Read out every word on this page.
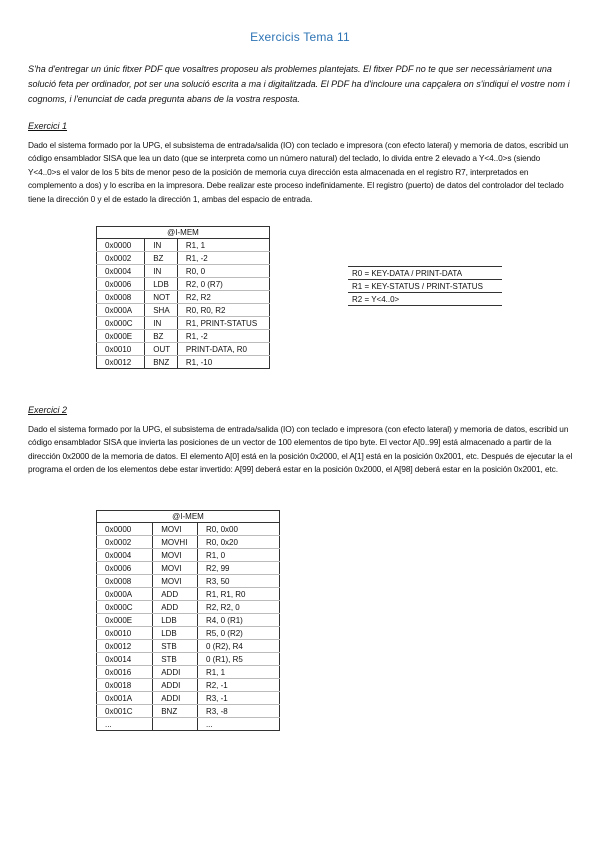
Exercicis Tema 11
S'ha d'entregar un únic fitxer PDF que vosaltres proposeu als problemes plantejats. El fitxer PDF no te que ser necessàriament una solució feta per ordinador, pot ser una solució escrita a ma i digitalitzada. El PDF ha d'incloure una capçalera on s'indiqui el vostre nom i cognoms, i l'enunciat de cada pregunta abans de la vostra resposta.
Exercici 1
Dado el sistema formado por la UPG, el subsistema de entrada/salida (IO) con teclado e impresora (con efecto lateral) y memoria de datos, escribid un código ensamblador SISA que lea un dato (que se interpreta como un número natural) del teclado, lo divida entre 2 elevado a Y<4..0>s (siendo Y<4..0>s el valor de los 5 bits de menor peso de la posición de memoria cuya dirección esta almacenada en el registro R7, interpretados en complemento a dos) y lo escriba en la impresora. Debe realizar este proceso indefinidamente. El registro (puerto) de datos del controlador del teclado tiene la dirección 0 y el de estado la dirección 1, ambas del espacio de entrada.
@I-MEM		
0x0000	IN	R1, 1
0x0002	BZ	R1, -2
0x0004	IN	R0, 0
0x0006	LDB	R2, 0 (R7)
0x0008	NOT	R2, R2
0x000A	SHA	R0, R0, R2
0x000C	IN	R1, PRINT-STATUS
0x000E	BZ	R1, -2
0x0010	OUT	PRINT-DATA, R0
0x0012	BNZ	R1, -10
R0 = KEY-DATA / PRINT-DATA
R1 = KEY-STATUS / PRINT-STATUS
R2 = Y<4..0>
Exercici 2
Dado el sistema formado por la UPG, el subsistema de entrada/salida (IO) con teclado e impresora (con efecto lateral) y memoria de datos, escribid un código ensamblador SISA que invierta las posiciones de un vector de 100 elementos de tipo byte. El vector A[0..99] está almacenado a partir de la dirección 0x2000 de la memoria de datos. El elemento A[0] está en la posición 0x2000, el A[1] está en la posición 0x2001, etc. Después de ejecutar la el programa el orden de los elementos debe estar invertido: A[99] deberá estar en la posición 0x2000, el A[98] deberá estar en la posición 0x2001, etc.
@I-MEM		
0x0000	MOVI	R0, 0x00
0x0002	MOVHI	R0, 0x20
0x0004	MOVI	R1, 0
0x0006	MOVI	R2, 99
0x0008	MOVI	R3, 50
0x000A	ADD	R1, R1, R0
0x000C	ADD	R2, R2, 0
0x000E	LDB	R4, 0 (R1)
0x0010	LDB	R5, 0 (R2)
0x0012	STB	0 (R2), R4
0x0014	STB	0 (R1), R5
0x0016	ADDI	R1, 1
0x0018	ADDI	R2, -1
0x001A	ADDI	R3, -1
0x001C	BNZ	R3, -8
...		...
